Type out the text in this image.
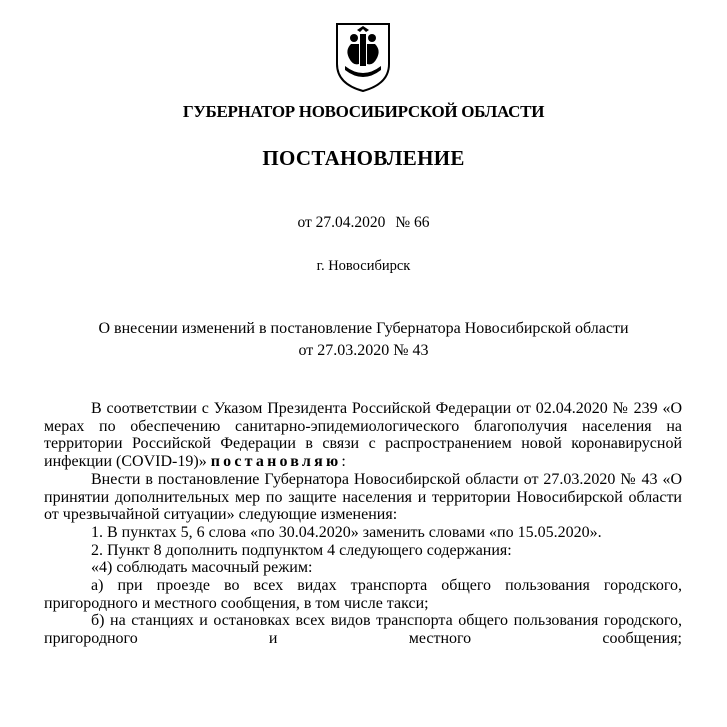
ГУБЕРНАТОР НОВОСИБИРСКОЙ ОБЛАСТИ
ПОСТАНОВЛЕНИЕ
от 27.04.2020 № 66
г. Новосибирск
О внесении изменений в постановление Губернатора Новосибирской области
от 27.03.2020 № 43

В соответствии с Указом Президента Российской Федерации от 02.04.2020 № 239 «О мерах по обеспечению санитарно-эпидемиологического благополучия населения на территории Российской Федерации в связи с распространением новой коронавирусной инфекции (COVID-19)» постановляю:

Внести в постановление Губернатора Новосибирской области от 27.03.2020 № 43 «О принятии дополнительных мер по защите населения и территории Новосибирской области от чрезвычайной ситуации» следующие изменения:

1. В пунктах 5, 6 слова «по 30.04.2020» заменить словами «по 15.05.2020».

2. Пункт 8 дополнить подпунктом 4 следующего содержания:

«4) соблюдать масочный режим:

а) при проезде во всех видах транспорта общего пользования городского, пригородного и местного сообщения, в том числе такси;

б) на станциях и остановках всех видов транспорта общего пользования городского, пригородного и местного сообщения;
